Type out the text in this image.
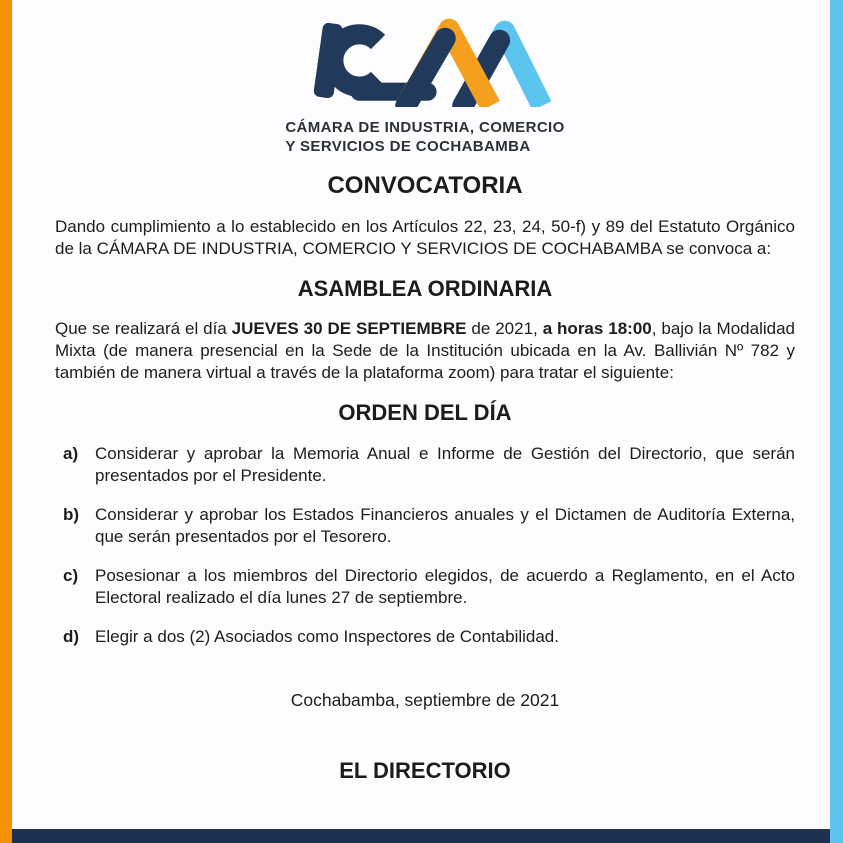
CÁMARA DE INDUSTRIA, COMERCIO
Y SERVICIOS DE COCHABAMBA
CONVOCATORIA

Dando cumplimiento a lo establecido en los Artículos 22, 23, 24, 50-f) y 89 del Estatuto Orgánico de la CÁMARA DE INDUSTRIA, COMERCIO Y SERVICIOS DE COCHABAMBA se convoca a:

ASAMBLEA ORDINARIA

Que se realizará el día JUEVES 30 DE SEPTIEMBRE de 2021, a horas 18:00, bajo la Modalidad Mixta (de manera presencial en la Sede de la Institución ubicada en la Av. Ballivián Nº 782 y también de manera virtual a través de la plataforma zoom) para tratar el siguiente:

ORDEN DEL DÍA
a) Considerar y aprobar la Memoria Anual e Informe de Gestión del Directorio, que serán presentados por el Presidente.
b) Considerar y aprobar los Estados Financieros anuales y el Dictamen de Auditoría Externa, que serán presentados por el Tesorero.
c) Posesionar a los miembros del Directorio elegidos, de acuerdo a Reglamento, en el Acto Electoral realizado el día lunes 27 de septiembre.
d) Elegir a dos (2) Asociados como Inspectores de Contabilidad.

Cochabamba, septiembre de 2021

EL DIRECTORIO
